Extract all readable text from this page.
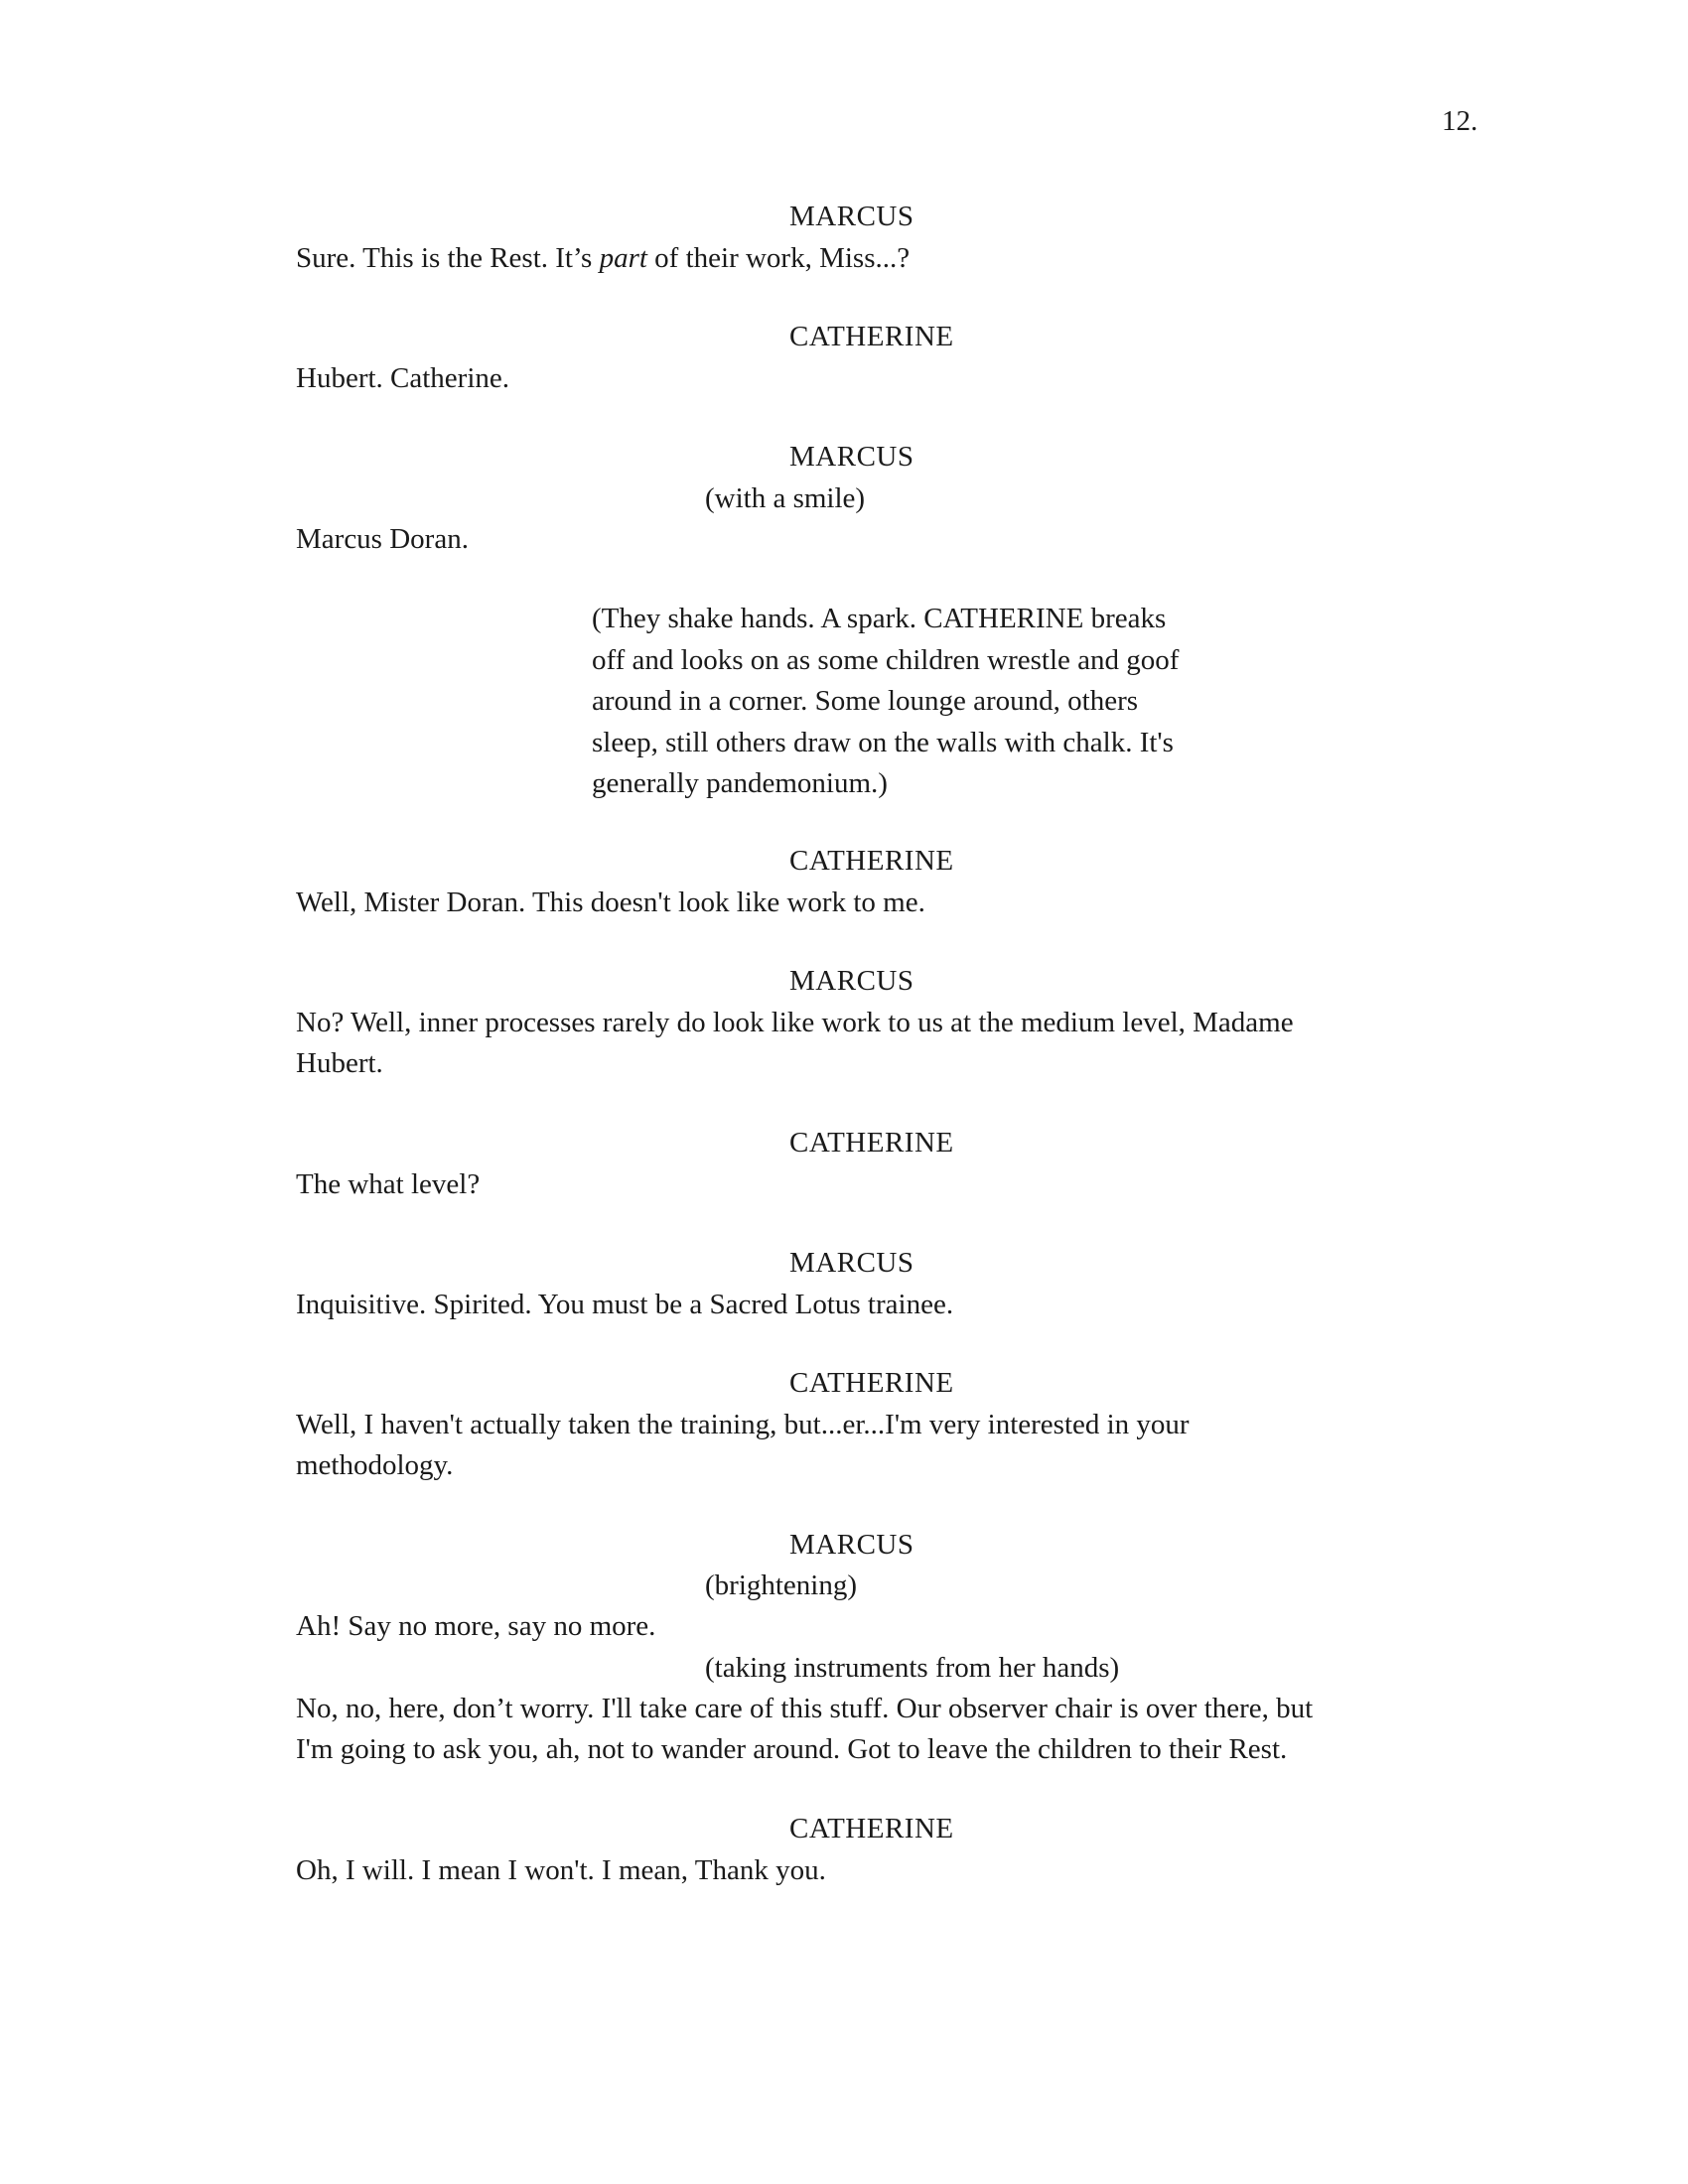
12.
MARCUS
Sure. This is the Rest. It’s part of their work, Miss...?
CATHERINE
Hubert. Catherine.
MARCUS
(with a smile)
Marcus Doran.
(They shake hands. A spark. CATHERINE breaks
off and looks on as some children wrestle and goof
around in a corner. Some lounge around, others
sleep, still others draw on the walls with chalk. It's
generally pandemonium.)
CATHERINE
Well, Mister Doran. This doesn't look like work to me.
MARCUS
No? Well, inner processes rarely do look like work to us at the medium level, Madame
Hubert.
CATHERINE
The what level?
MARCUS
Inquisitive. Spirited. You must be a Sacred Lotus trainee.
CATHERINE
Well, I haven't actually taken the training, but...er...I'm very interested in your
methodology.
MARCUS
(brightening)
Ah! Say no more, say no more.
(taking instruments from her hands)
No, no, here, don’t worry. I'll take care of this stuff. Our observer chair is over there, but
I'm going to ask you, ah, not to wander around. Got to leave the children to their Rest.
CATHERINE
Oh, I will. I mean I won't. I mean, Thank you.
